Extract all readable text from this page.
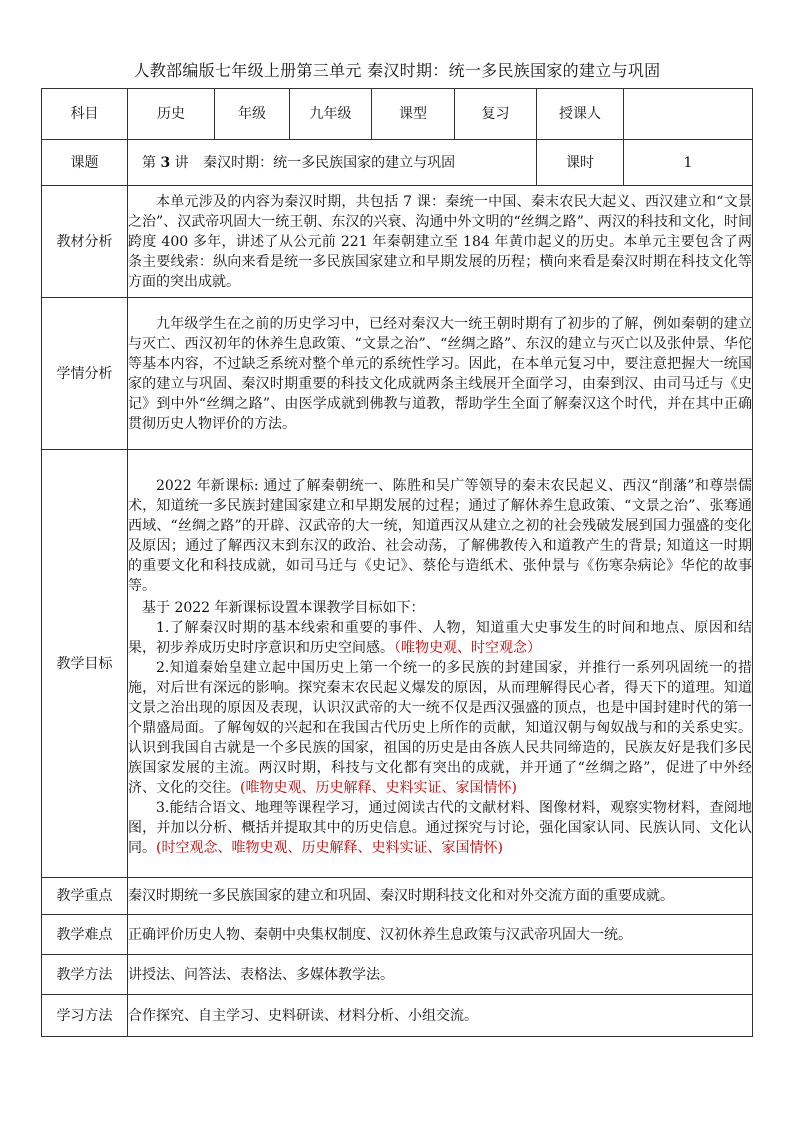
人教部编版七年级上册第三单元 秦汉时期：统一多民族国家的建立与巩固
科目	历史	年级	九年级	课型	复习	授课人	
课题	第 3 讲 秦汉时期：统一多民族国家的建立与巩固					课时	1
教材分析	本单元涉及的内容为秦汉时期，共包括 7 课：秦统一中国、秦末农民大起义、西汉建立和“文景之治”、汉武帝巩固大一统王朝、东汉的兴衰、沟通中外文明的“丝绸之路”、两汉的科技和文化，时间跨度 400 多年，讲述了从公元前 221 年秦朝建立至 184 年黄巾起义的历史。本单元主要包含了两条主要线索：纵向来看是统一多民族国家建立和早期发展的历程；横向来看是秦汉时期在科技文化等方面的突出成就。						

学情分析	九年级学生在之前的历史学习中，已经对秦汉大一统王朝时期有了初步的了解，例如秦朝的建立与灭亡、西汉初年的休养生息政策、“文景之治”、“丝绸之路”、东汉的建立与灭亡以及张仲景、华佗等基本内容，不过缺乏系统对整个单元的系统性学习。因此，在本单元复习中，要注意把握大一统国家的建立与巩固、秦汉时期重要的科技文化成就两条主线展开全面学习，由秦到汉、由司马迁与《史记》到中外“丝绸之路”、由医学成就到佛教与道教，帮助学生全面了解秦汉这个时代，并在其中正确贯彻历史人物评价的方法。						

教学目标	2022 年新课标: 通过了解秦朝统一、陈胜和吴广等领导的秦末农民起义、西汉“削藩”和尊崇儒术，知道统一多民族封建国家建立和早期发展的过程；通过了解休养生息政策、“文景之治”、张骞通西域、“丝绸之路”的开辟、汉武帝的大一统，知道西汉从建立之初的社会残破发展到国力强盛的变化及原因；通过了解西汉末到东汉的政治、社会动荡，了解佛教传入和道教产生的背景; 知道这一时期的重要文化和科技成就，如司马迁与《史记》、蔡伦与造纸术、张仲景与《伤寒杂病论》华佗的故事等。

基于 2022 年新课标设置本课教学目标如下：

1.了解秦汉时期的基本线索和重要的事件、人物，知道重大史事发生的时间和地点、原因和结果，初步养成历史时序意识和历史空间感。（唯物史观、时空观念）

2.知道秦始皇建立起中国历史上第一个统一的多民族的封建国家，并推行一系列巩固统一的措施，对后世有深远的影响。探究秦末农民起义爆发的原因，从而理解得民心者，得天下的道理。知道文景之治出现的原因及表现，认识汉武帝的大一统不仅是西汉强盛的顶点，也是中国封建时代的第一个鼎盛局面。了解匈奴的兴起和在我国古代历史上所作的贡献，知道汉朝与匈奴战与和的关系史实。认识到我国自古就是一个多民族的国家，祖国的历史是由各族人民共同缔造的，民族友好是我们多民族国家发展的主流。两汉时期，科技与文化都有突出的成就，并开通了“丝绸之路”，促进了中外经济、文化的交往。(唯物史观、历史解释、史料实证、家国情怀)

3.能结合语文、地理等课程学习，通过阅读古代的文献材料、图像材料，观察实物材料，查阅地图，并加以分析、概括并提取其中的历史信息。通过探究与讨论，强化国家认同、民族认同、文化认同。(时空观念、唯物史观、历史解释、史料实证、家国情怀)						

教学重点	秦汉时期统一多民族国家的建立和巩固、秦汉时期科技文化和对外交流方面的重要成就。						
教学难点	正确评价历史人物、秦朝中央集权制度、汉初休养生息政策与汉武帝巩固大一统。						
教学方法	讲授法、问答法、表格法、多媒体教学法。						
学习方法	合作探究、自主学习、史料研读、材料分析、小组交流。						
